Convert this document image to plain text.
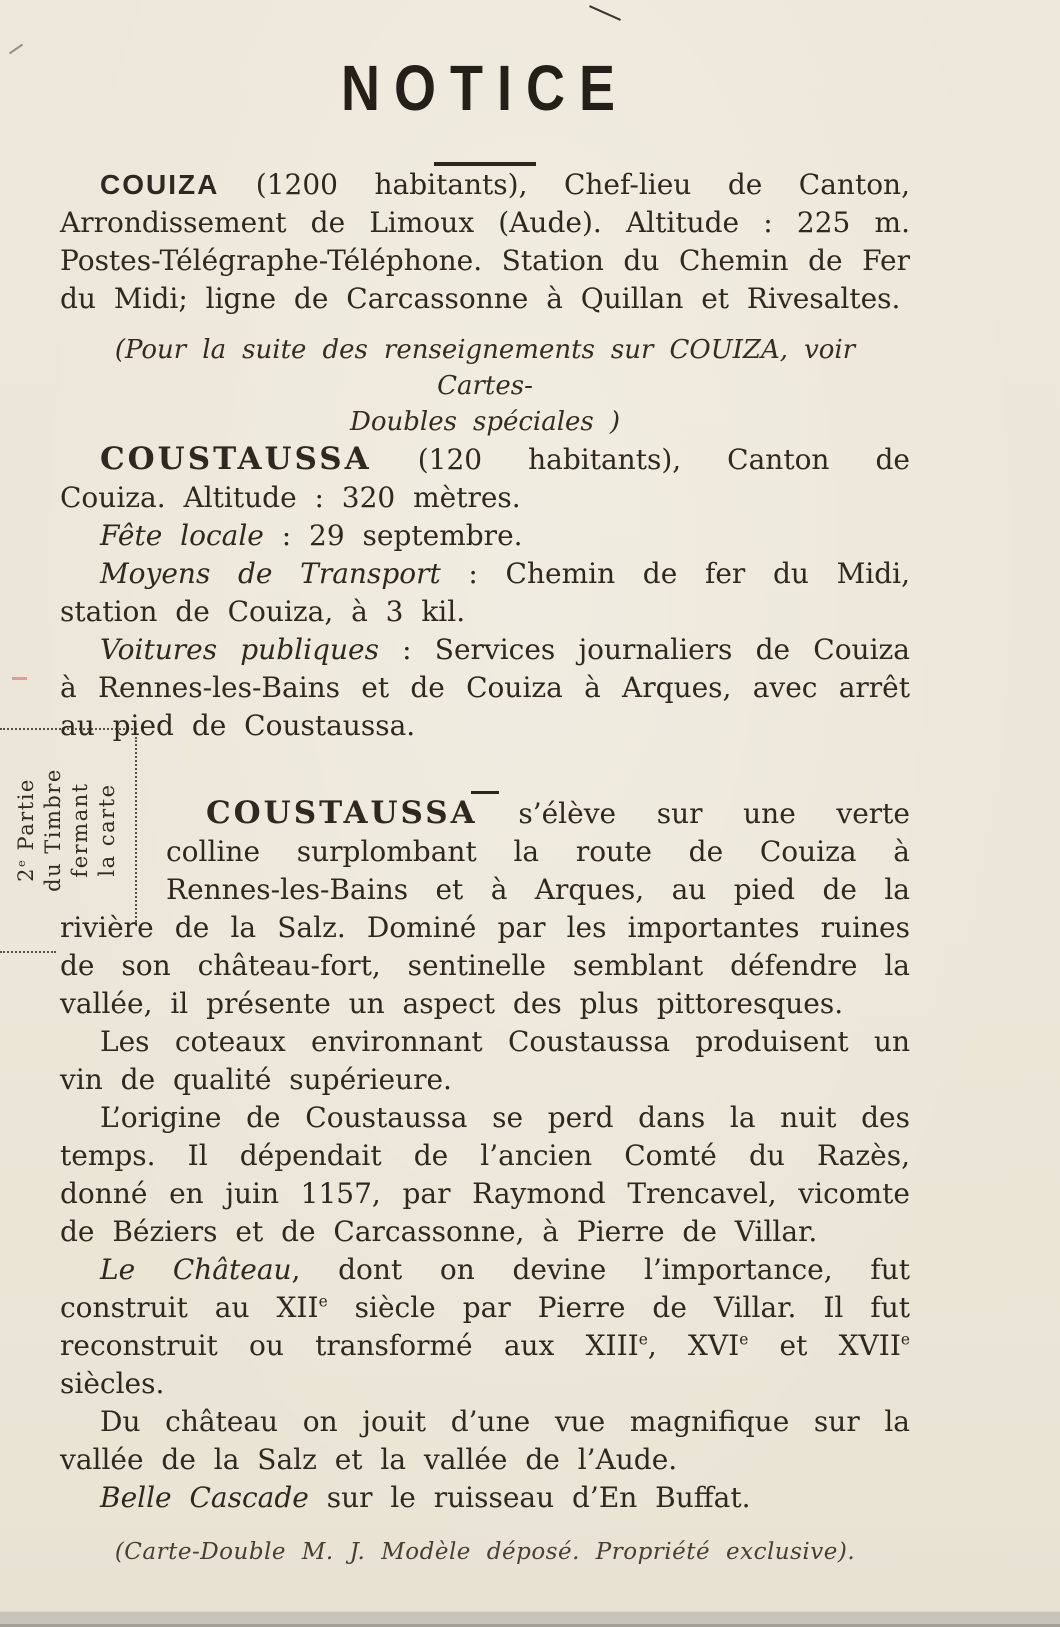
2e Partie du Timbre fermant la carte
NOTICE

COUIZA (1200 habitants), Chef-lieu de Canton, Arrondissement de Limoux (Aude). Altitude : 225 m. Postes-Télégraphe-Téléphone. Station du Chemin de Fer du Midi; ligne de Carcassonne à Quillan et Rivesaltes.

(Pour la suite des renseignements sur COUIZA, voir Cartes-
Doubles spéciales )

COUSTAUSSA (120 habitants), Canton de Couiza. Altitude : 320 mètres.

Fête locale : 29 septembre.

Moyens de Transport : Chemin de fer du Midi, station de Couiza, à 3 kil.

Voitures publiques : Services journaliers de Couiza à Rennes-les-Bains et de Couiza à Arques, avec arrêt au pied de Coustaussa.

COUSTAUSSA s’élève sur une verte colline surplombant la route de Couiza à Rennes-les-Bains et à Arques, au pied de la rivière de la Salz. Dominé par les importantes ruines de son château-fort, sentinelle semblant défendre la vallée, il présente un aspect des plus pittoresques.

Les coteaux environnant Coustaussa produisent un vin de qualité supérieure.

L’origine de Coustaussa se perd dans la nuit des temps. Il dépendait de l’ancien Comté du Razès, donné en juin 1157, par Raymond Trencavel, vicomte de Béziers et de Carcassonne, à Pierre de Villar.

Le Château, dont on devine l’importance, fut construit au XIIe siècle par Pierre de Villar. Il fut reconstruit ou transformé aux XIIIe, XVIe et XVIIe siècles.

Du château on jouit d’une vue magnifique sur la vallée de la Salz et la vallée de l’Aude.

Belle Cascade sur le ruisseau d’En Buffat.

(Carte-Double M. J. Modèle déposé. Propriété exclusive).
